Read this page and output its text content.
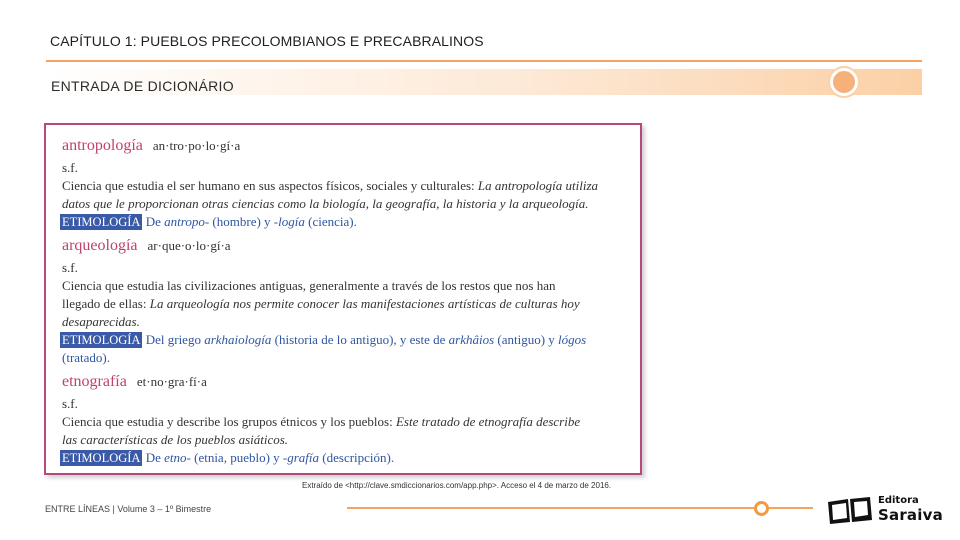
CAPÍTULO 1: PUEBLOS PRECOLOMBIANOS E PRECABRALINOS
ENTRADA DE DICIONÁRIO
antropología an·tro·po·lo·gí·a
s.f.
Ciencia que estudia el ser humano en sus aspectos físicos, sociales y culturales: La antropología utiliza
datos que le proporcionan otras ciencias como la biología, la geografía, la historia y la arqueología.
ETIMOLOGÍA De antropo- (hombre) y -logía (ciencia).
arqueología ar·que·o·lo·gí·a
s.f.
Ciencia que estudia las civilizaciones antiguas, generalmente a través de los restos que nos han
llegado de ellas: La arqueología nos permite conocer las manifestaciones artísticas de culturas hoy
desaparecidas.
ETIMOLOGÍA Del griego arkhaiología (historia de lo antiguo), y este de arkhâios (antiguo) y lógos
(tratado).
etnografía et·no·gra·fí·a
s.f.
Ciencia que estudia y describe los grupos étnicos y los pueblos: Este tratado de etnografía describe
las características de los pueblos asiáticos.
ETIMOLOGÍA De etno- (etnia, pueblo) y -grafía (descripción).
Extraído de <http://clave.smdiccionarios.com/app.php>. Acceso el 4 de marzo de 2016.
ENTRE LÍNEAS | Volume 3 – 1º Bimestre
Editora
Saraiva
